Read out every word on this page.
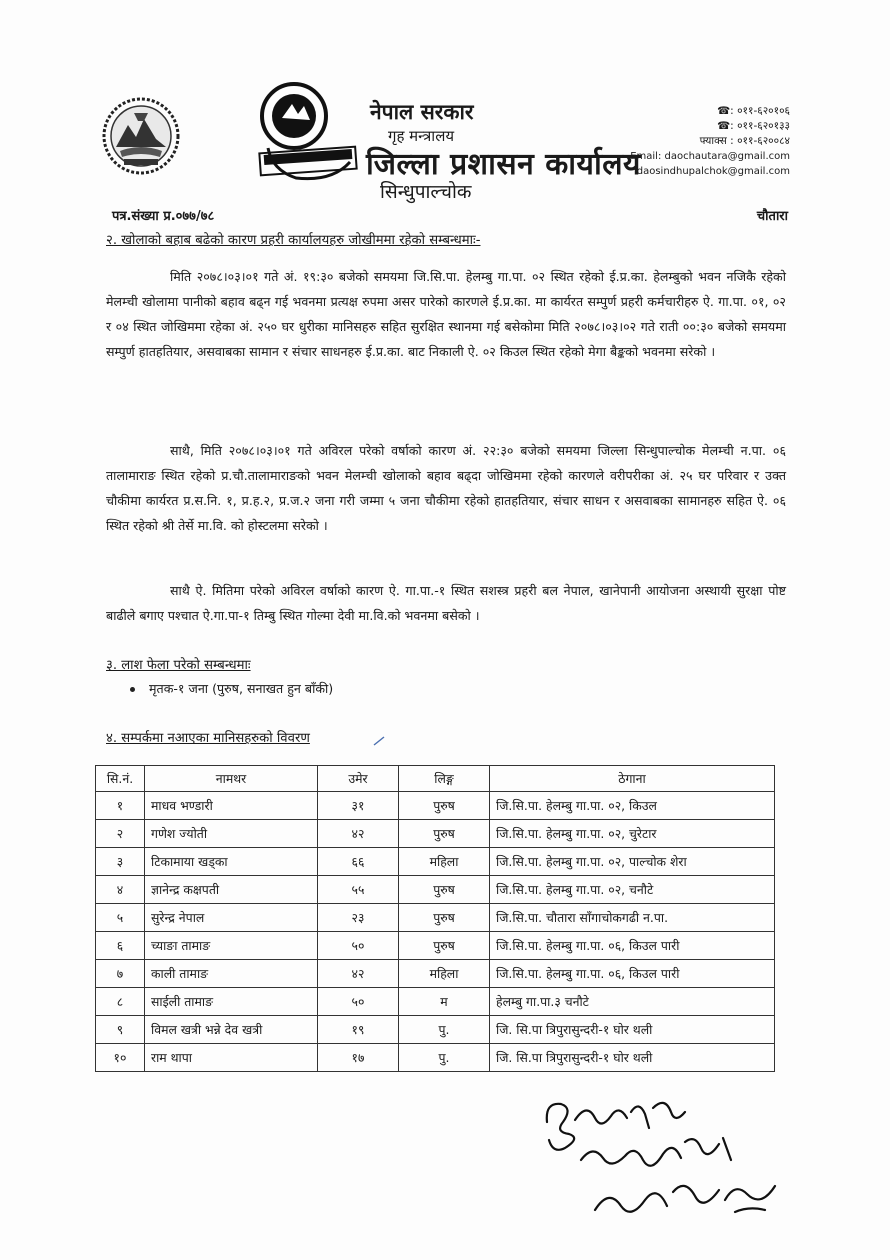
नेपाल सरकार
गृह मन्त्रालय
जिल्ला प्रशासन कार्यालय
सिन्धुपाल्चोक
☎: ०११-६२०१०६
☎: ०११-६२०१३३
फ्याक्स : ०११-६२००८४
Email: daochautara@gmail.com
daosindhupalchok@gmail.com
पत्र.संख्या प्र.०७७/७८	चौतारा
२. खोलाको बहाब बढेको कारण प्रहरी कार्यालयहरु जोखीममा रहेको सम्बन्धमाः-

मिति २०७८।०३।०१ गते अं. १९:३० बजेको समयमा जि.सि.पा. हेलम्बु गा.पा. ०२ स्थित रहेको ई.प्र.का. हेलम्बुको भवन नजिकै रहेको मेलम्ची खोलामा पानीको बहाव बढ्न गई भवनमा प्रत्यक्ष रुपमा असर पारेको कारणले ई.प्र.का. मा कार्यरत सम्पुर्ण प्रहरी कर्मचारीहरु ऐ. गा.पा. ०१, ०२ र ०४ स्थित जोखिममा रहेका अं. २५० घर धुरीका मानिसहरु सहित सुरक्षित स्थानमा गई बसेकोमा मिति २०७८।०३।०२ गते राती ००:३० बजेको समयमा सम्पुर्ण हातहतियार, असवाबका सामान र संचार साधनहरु ई.प्र.का. बाट निकाली ऐ. ०२ किउल स्थित रहेको मेगा बैङ्कको भवनमा सरेको ।

साथै, मिति २०७८।०३।०१ गते अविरल परेको वर्षाको कारण अं. २२:३० बजेको समयमा जिल्ला सिन्धुपाल्चोक मेलम्ची न.पा. ०६ तालामाराङ स्थित रहेको प्र.चौ.तालामाराङको भवन मेलम्ची खोलाको बहाव बढ्दा जोखिममा रहेको कारणले वरीपरीका अं. २५ घर परिवार र उक्त चौकीमा कार्यरत प्र.स.नि. १, प्र.ह.२, प्र.ज.२ जना गरी जम्मा ५ जना चौकीमा रहेको हातहतियार, संचार साधन र असवाबका सामानहरु सहित ऐ. ०६ स्थित रहेको श्री तेर्से मा.वि. को होस्टलमा सरेको ।

साथै ऐ. मितिमा परेको अविरल वर्षाको कारण ऐ. गा.पा.-१ स्थित सशस्त्र प्रहरी बल नेपाल, खानेपानी आयोजना अस्थायी सुरक्षा पोष्ट बाढीले बगाए पश्चात ऐ.गा.पा-१ तिम्बु स्थित गोल्मा देवी मा.वि.को भवनमा बसेको ।

३. लाश फेला परेको सम्बन्धमाः
मृतक-१ जना (पुरुष, सनाखत हुन बाँकी)
४. सम्पर्कमा नआएका मानिसहरुको विवरण
सि.नं.	नामथर	उमेर	लिङ्ग	ठेगाना
१	माधव भण्डारी	३१	पुरुष	जि.सि.पा. हेलम्बु गा.पा. ०२, किउल
२	गणेश ज्योती	४२	पुरुष	जि.सि.पा. हेलम्बु गा.पा. ०२, चुरेटार
३	टिकामाया खड्का	६६	महिला	जि.सि.पा. हेलम्बु गा.पा. ०२, पाल्चोक शेरा
४	ज्ञानेन्द्र कक्षपती	५५	पुरुष	जि.सि.पा. हेलम्बु गा.पा. ०२, चनौटे
५	सुरेन्द्र नेपाल	२३	पुरुष	जि.सि.पा. चौतारा साँगाचोकगढी न.पा.
६	च्याङा तामाङ	५०	पुरुष	जि.सि.पा. हेलम्बु गा.पा. ०६, किउल पारी
७	काली तामाङ	४२	महिला	जि.सि.पा. हेलम्बु गा.पा. ०६, किउल पारी
८	साईली तामाङ	५०	म	हेलम्बु गा.पा.३ चनौटे
९	विमल खत्री भन्ने देव खत्री	१९	पु.	जि. सि.पा त्रिपुरासुन्दरी-१ घोर थली
१०	राम थापा	१७	पु.	जि. सि.पा त्रिपुरासुन्दरी-१ घोर थली
